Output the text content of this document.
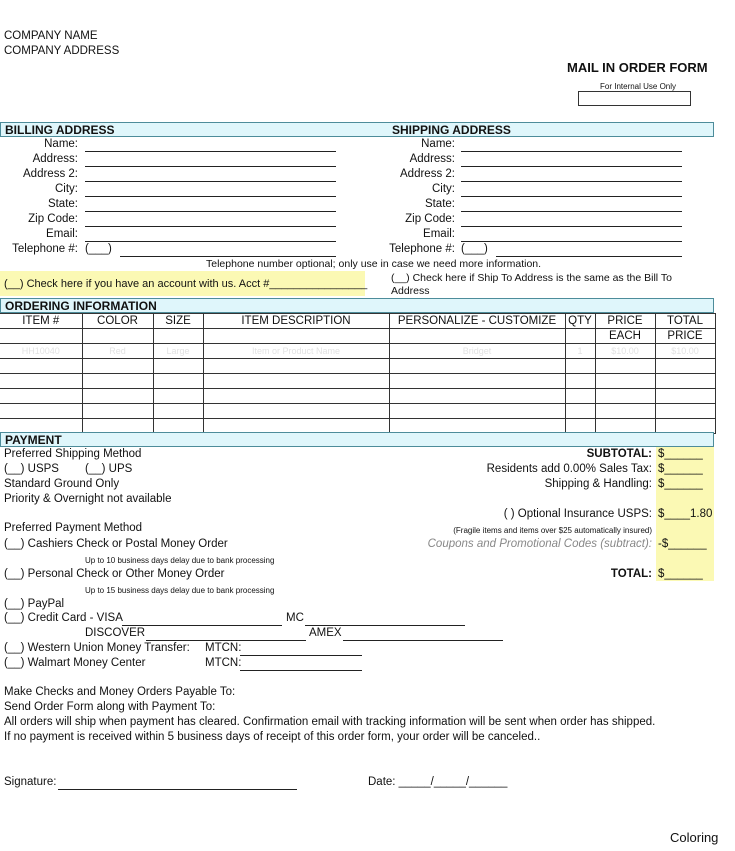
COMPANY NAME
COMPANY ADDRESS
MAIL IN ORDER FORM
For Internal Use Only
BILLING ADDRESS	SHIPPING ADDRESS
Name:
Address:
Address 2:
City:
State:
Zip Code:
Email:
Telephone #: (___)
Name:
Address:
Address 2:
City:
State:
Zip Code:
Email:
Telephone #: (___)
Telephone number optional; only use in case we need more information.
(__) Check here if you have an account with us. Acct #________________ (__) Check here if Ship To Address is the same as the Bill To
Address
ORDERING INFORMATION
ITEM #	COLOR	SIZE	ITEM DESCRIPTION	PERSONALIZE - CUSTOMIZE	QTY	PRICE	TOTAL
						EACH	PRICE
HH10040	Red	Large	Item or Product Name	Bridget	1	$10.00	$10.00

PAYMENT
Preferred Shipping Method
(__) USPS (__) UPS
Standard Ground Only
Priority & Overnight not available
Preferred Payment Method
(__) Cashiers Check or Postal Money Order
Up to 10 business days delay due to bank processing
(__) Personal Check or Other Money Order
Up to 15 business days delay due to bank processing
(__) PayPal
(__) Credit Card - VISA	MC
DISCOVER	AMEX
(__) Western Union Money Transfer: MTCN:
(__) Walmart Money Center	MTCN:
SUBTOTAL: $______
Residents add 0.00% Sales Tax: $______
Shipping & Handling: $______
( ) Optional Insurance USPS: $____1.80
(Fragile items and items over $25 automatically insured)
Coupons and Promotional Codes (subtract): -$______
TOTAL: $______
Make Checks and Money Orders Payable To:
Send Order Form along with Payment To:
All orders will ship when payment has cleared. Confirmation email with tracking information will be sent when order has shipped.
If no payment is received within 5 business days of receipt of this order form, your order will be canceled..
Signature:	Date: _____/_____/______
Coloring
